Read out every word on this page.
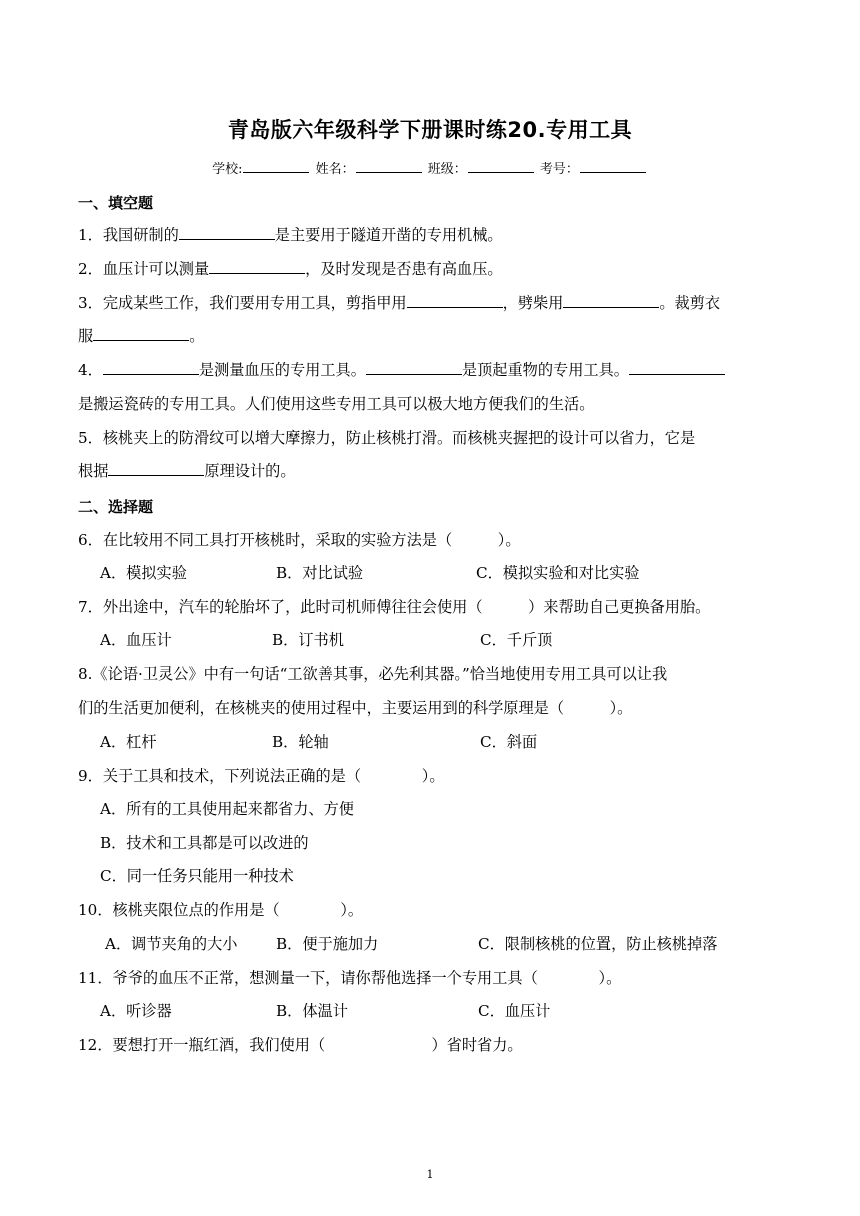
青岛版六年级科学下册课时练20.专用工具
学校:	姓名：	班级：	考号：
一、填空题
1．我国研制的	是主要用于隧道开凿的专用机械。
2．血压计可以测量	，及时发现是否患有高血压。
3．完成某些工作，我们要用专用工具，剪指甲用	，劈柴用	。裁剪衣
服	。
4．	是测量血压的专用工具。	是顶起重物的专用工具。
是搬运瓷砖的专用工具。人们使用这些专用工具可以极大地方便我们的生活。
5．核桃夹上的防滑纹可以增大摩擦力，防止核桃打滑。而核桃夹握把的设计可以省力，它是
根据	原理设计的。
二、选择题
6．在比较用不同工具打开核桃时，采取的实验方法是（　　　）。
A．模拟实验	B．对比试验	C．模拟实验和对比实验
7．外出途中，汽车的轮胎坏了，此时司机师傅往往会使用（　　　）来帮助自己更换备用胎。
A．血压计	B．订书机	C．千斤顶
8.《论语·卫灵公》中有一句话“工欲善其事，必先利其器。”恰当地使用专用工具可以让我
们的生活更加便利，在核桃夹的使用过程中，主要运用到的科学原理是（　　　）。
A．杠杆	B．轮轴	C．斜面
9．关于工具和技术，下列说法正确的是（　　　　）。
A．所有的工具使用起来都省力、方便
B．技术和工具都是可以改进的
C．同一任务只能用一种技术
10．核桃夹限位点的作用是（　　　　）。
A．调节夹角的大小	B．便于施加力	C．限制核桃的位置，防止核桃掉落
11．爷爷的血压不正常，想测量一下，请你帮他选择一个专用工具（　　　　）。
A．听诊器	B．体温计	C．血压计
12．要想打开一瓶红酒，我们使用（　　　　　　　）省时省力。
1
